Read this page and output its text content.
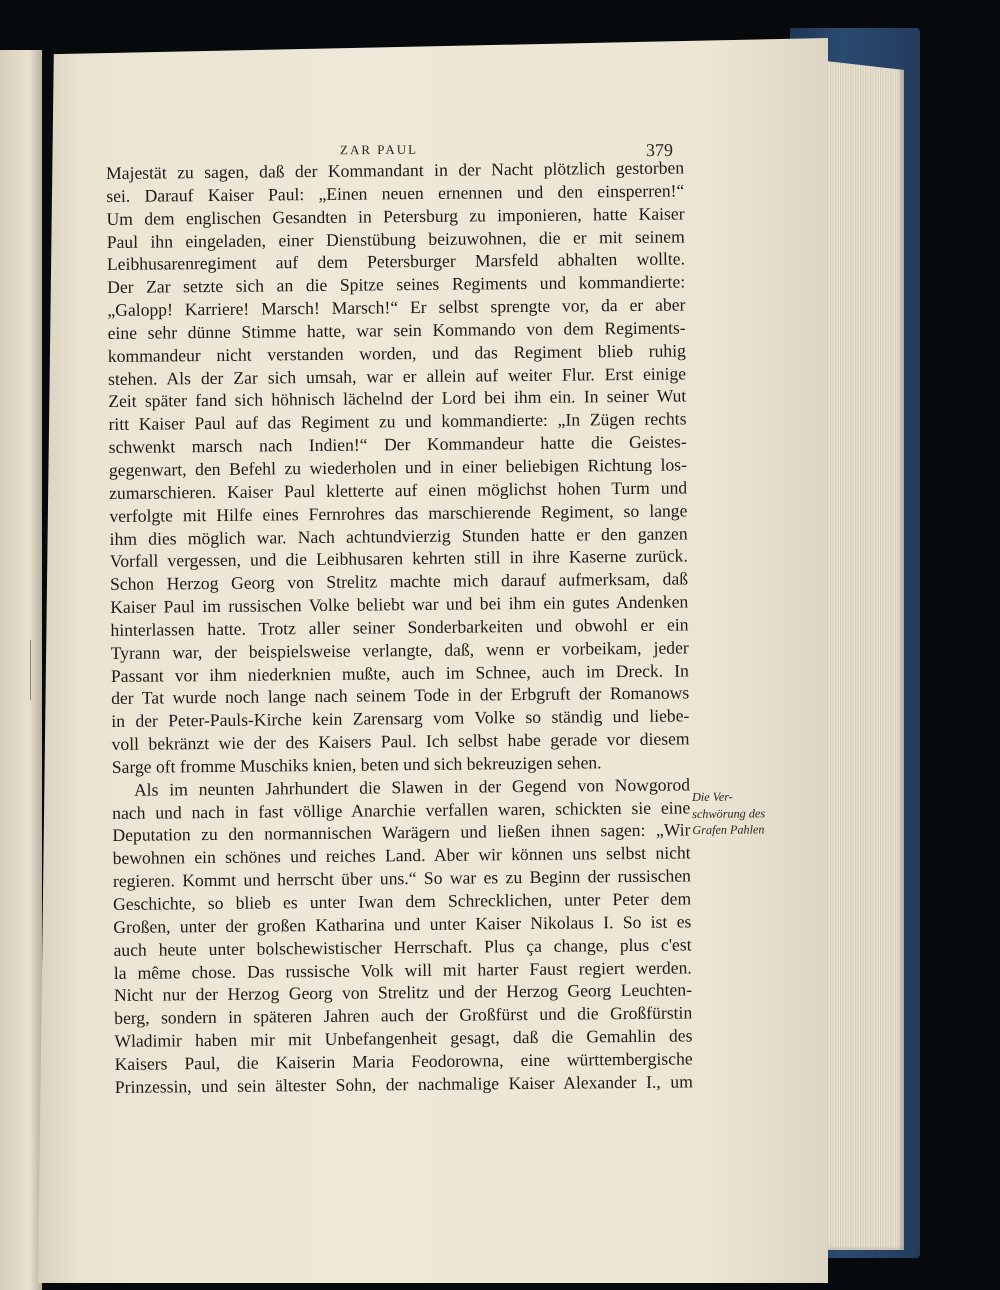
ZAR PAUL	379
Majestät zu sagen, daß der Kommandant in der Nacht plötzlich gestorben
sei. Darauf Kaiser Paul: „Einen neuen ernennen und den einsperren!“
Um dem englischen Gesandten in Petersburg zu imponieren, hatte Kaiser
Paul ihn eingeladen, einer Dienstübung beizuwohnen, die er mit seinem
Leibhusarenregiment auf dem Petersburger Marsfeld abhalten wollte.
Der Zar setzte sich an die Spitze seines Regiments und kommandierte:
„Galopp! Karriere! Marsch! Marsch!“ Er selbst sprengte vor, da er aber
eine sehr dünne Stimme hatte, war sein Kommando von dem Regiments-
kommandeur nicht verstanden worden, und das Regiment blieb ruhig
stehen. Als der Zar sich umsah, war er allein auf weiter Flur. Erst einige
Zeit später fand sich höhnisch lächelnd der Lord bei ihm ein. In seiner Wut
ritt Kaiser Paul auf das Regiment zu und kommandierte: „In Zügen rechts
schwenkt marsch nach Indien!“ Der Kommandeur hatte die Geistes-
gegenwart, den Befehl zu wiederholen und in einer beliebigen Richtung los-
zumarschieren. Kaiser Paul kletterte auf einen möglichst hohen Turm und
verfolgte mit Hilfe eines Fernrohres das marschierende Regiment, so lange
ihm dies möglich war. Nach achtundvierzig Stunden hatte er den ganzen
Vorfall vergessen, und die Leibhusaren kehrten still in ihre Kaserne zurück.
Schon Herzog Georg von Strelitz machte mich darauf aufmerksam, daß
Kaiser Paul im russischen Volke beliebt war und bei ihm ein gutes Andenken
hinterlassen hatte. Trotz aller seiner Sonderbarkeiten und obwohl er ein
Tyrann war, der beispielsweise verlangte, daß, wenn er vorbeikam, jeder
Passant vor ihm niederknien mußte, auch im Schnee, auch im Dreck. In
der Tat wurde noch lange nach seinem Tode in der Erbgruft der Romanows
in der Peter-Pauls-Kirche kein Zarensarg vom Volke so ständig und liebe-
voll bekränzt wie der des Kaisers Paul. Ich selbst habe gerade vor diesem
Sarge oft fromme Muschiks knien, beten und sich bekreuzigen sehen.
Als im neunten Jahrhundert die Slawen in der Gegend von Nowgorod
nach und nach in fast völlige Anarchie verfallen waren, schickten sie eine
Deputation zu den normannischen Warägern und ließen ihnen sagen: „Wir
bewohnen ein schönes und reiches Land. Aber wir können uns selbst nicht
regieren. Kommt und herrscht über uns.“ So war es zu Beginn der russischen
Geschichte, so blieb es unter Iwan dem Schrecklichen, unter Peter dem
Großen, unter der großen Katharina und unter Kaiser Nikolaus I. So ist es
auch heute unter bolschewistischer Herrschaft. Plus ça change, plus c'est
la même chose. Das russische Volk will mit harter Faust regiert werden.
Nicht nur der Herzog Georg von Strelitz und der Herzog Georg Leuchten-
berg, sondern in späteren Jahren auch der Großfürst und die Großfürstin
Wladimir haben mir mit Unbefangenheit gesagt, daß die Gemahlin des
Kaisers Paul, die Kaiserin Maria Feodorowna, eine württembergische
Prinzessin, und sein ältester Sohn, der nachmalige Kaiser Alexander I., um
Die Ver-
schwörung des
Grafen Pahlen
